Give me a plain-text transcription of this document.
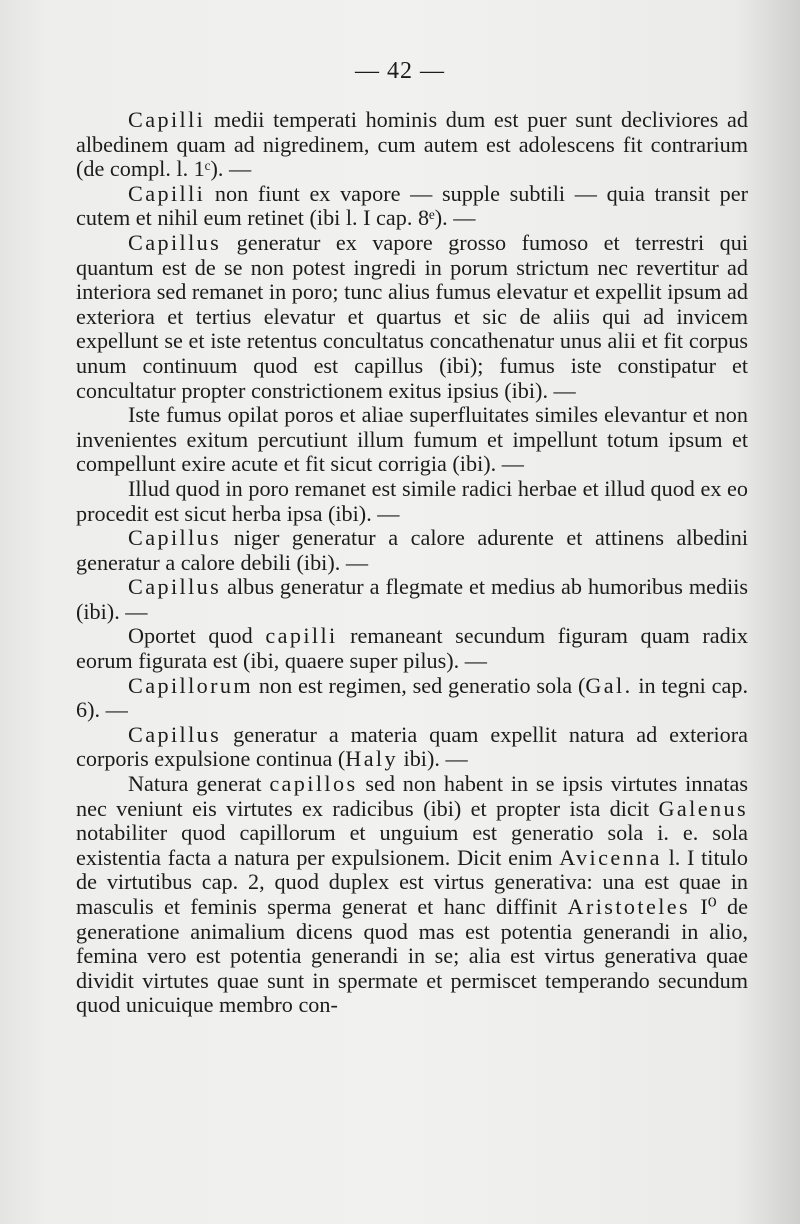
— 42 —

Capilli medii temperati hominis dum est puer sunt decliviores ad albedinem quam ad nigredinem, cum autem est adolescens fit contrarium (de compl. l. 1ᶜ). —

Capilli non fiunt ex vapore — supple subtili — quia transit per cutem et nihil eum retinet (ibi l. I cap. 8ᵉ). —

Capillus generatur ex vapore grosso fumoso et terrestri qui quantum est de se non potest ingredi in porum strictum nec revertitur ad interiora sed remanet in poro; tunc alius fumus elevatur et expellit ipsum ad exteriora et tertius elevatur et quartus et sic de aliis qui ad invicem expellunt se et iste retentus concultatus concathenatur unus alii et fit corpus unum continuum quod est capillus (ibi); fumus iste constipatur et concultatur propter constrictionem exitus ipsius (ibi). —

Iste fumus opilat poros et aliae superfluitates similes elevantur et non invenientes exitum percutiunt illum fumum et impellunt totum ipsum et compellunt exire acute et fit sicut corrigia (ibi). —

Illud quod in poro remanet est simile radici herbae et illud quod ex eo procedit est sicut herba ipsa (ibi). —

Capillus niger generatur a calore adurente et attinens albedini generatur a calore debili (ibi). —

Capillus albus generatur a flegmate et medius ab humoribus mediis (ibi). —

Oportet quod capilli remaneant secundum figuram quam radix eorum figurata est (ibi, quaere super pilus). —

Capillorum non est regimen, sed generatio sola (Gal. in tegni cap. 6). —

Capillus generatur a materia quam expellit natura ad exteriora corporis expulsione continua (Haly ibi). —

Natura generat capillos sed non habent in se ipsis virtutes innatas nec veniunt eis virtutes ex radicibus (ibi) et propter ista dicit Galenus notabiliter quod capillorum et unguium est generatio sola i. e. sola existentia facta a natura per expulsionem. Dicit enim Avicenna l. I titulo de virtutibus cap. 2, quod duplex est virtus generativa: una est quae in masculis et feminis sperma generat et hanc diffinit Aristoteles I⁰ de generatione animalium dicens quod mas est potentia generandi in alio, femina vero est potentia generandi in se; alia est virtus generativa quae dividit virtutes quae sunt in spermate et permiscet temperando secundum quod unicuique membro con-
